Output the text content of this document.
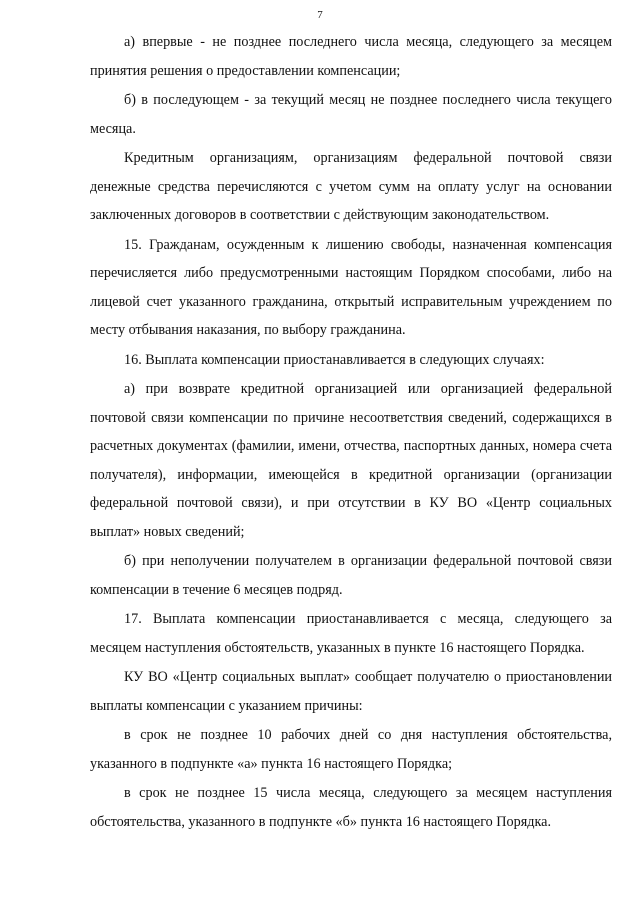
7

а) впервые - не позднее последнего числа месяца, следующего за месяцем принятия решения о предоставлении компенсации;

б) в последующем - за текущий месяц не позднее последнего числа текущего месяца.

Кредитным организациям, организациям федеральной почтовой связи денежные средства перечисляются с учетом сумм на оплату услуг на основании заключенных договоров в соответствии с действующим законодательством.

15. Гражданам, осужденным к лишению свободы, назначенная компенсация перечисляется либо предусмотренными настоящим Порядком способами, либо на лицевой счет указанного гражданина, открытый исправительным учреждением по месту отбывания наказания, по выбору гражданина.

16. Выплата компенсации приостанавливается в следующих случаях:

а) при возврате кредитной организацией или организацией федеральной почтовой связи компенсации по причине несоответствия сведений, содержащихся в расчетных документах (фамилии, имени, отчества, паспортных данных, номера счета получателя), информации, имеющейся в кредитной организации (организации федеральной почтовой связи), и при отсутствии в КУ ВО «Центр социальных выплат» новых сведений;

б) при неполучении получателем в организации федеральной почтовой связи компенсации в течение 6 месяцев подряд.

17. Выплата компенсации приостанавливается с месяца, следующего за месяцем наступления обстоятельств, указанных в пункте 16 настоящего Порядка.

КУ ВО «Центр социальных выплат» сообщает получателю о приостановлении выплаты компенсации с указанием причины:

в срок не позднее 10 рабочих дней со дня наступления обстоятельства, указанного в подпункте «а» пункта 16 настоящего Порядка;

в срок не позднее 15 числа месяца, следующего за месяцем наступления обстоятельства, указанного в подпункте «б» пункта 16 настоящего Порядка.
